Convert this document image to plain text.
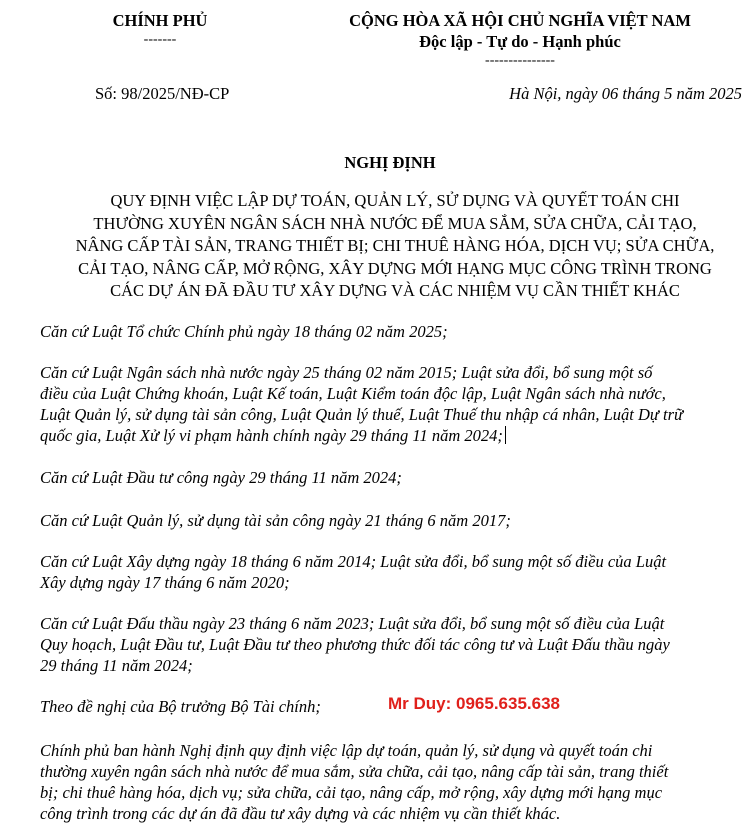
CHÍNH PHỦ
-------
CỘNG HÒA XÃ HỘI CHỦ NGHĨA VIỆT NAM
Độc lập - Tự do - Hạnh phúc
---------------
Số: 98/2025/NĐ-CP	Hà Nội, ngày 06 tháng 5 năm 2025
NGHỊ ĐỊNH
QUY ĐỊNH VIỆC LẬP DỰ TOÁN, QUẢN LÝ, SỬ DỤNG VÀ QUYẾT TOÁN CHI
THƯỜNG XUYÊN NGÂN SÁCH NHÀ NƯỚC ĐỂ MUA SẮM, SỬA CHỮA, CẢI TẠO,
NÂNG CẤP TÀI SẢN, TRANG THIẾT BỊ; CHI THUÊ HÀNG HÓA, DỊCH VỤ; SỬA CHỮA,
CẢI TẠO, NÂNG CẤP, MỞ RỘNG, XÂY DỰNG MỚI HẠNG MỤC CÔNG TRÌNH TRONG
CÁC DỰ ÁN ĐÃ ĐẦU TƯ XÂY DỰNG VÀ CÁC NHIỆM VỤ CẦN THIẾT KHÁC
Căn cứ Luật Tổ chức Chính phủ ngày 18 tháng 02 năm 2025;
Căn cứ Luật Ngân sách nhà nước ngày 25 tháng 02 năm 2015; Luật sửa đổi, bổ sung một số
điều của Luật Chứng khoán, Luật Kế toán, Luật Kiểm toán độc lập, Luật Ngân sách nhà nước,
Luật Quản lý, sử dụng tài sản công, Luật Quản lý thuế, Luật Thuế thu nhập cá nhân, Luật Dự trữ
quốc gia, Luật Xử lý vi phạm hành chính ngày 29 tháng 11 năm 2024;
Căn cứ Luật Đầu tư công ngày 29 tháng 11 năm 2024;
Căn cứ Luật Quản lý, sử dụng tài sản công ngày 21 tháng 6 năm 2017;
Căn cứ Luật Xây dựng ngày 18 tháng 6 năm 2014; Luật sửa đổi, bổ sung một số điều của Luật
Xây dựng ngày 17 tháng 6 năm 2020;
Căn cứ Luật Đấu thầu ngày 23 tháng 6 năm 2023; Luật sửa đổi, bổ sung một số điều của Luật
Quy hoạch, Luật Đầu tư, Luật Đầu tư theo phương thức đối tác công tư và Luật Đấu thầu ngày
29 tháng 11 năm 2024;
Theo đề nghị của Bộ trưởng Bộ Tài chính;	Mr Duy: 0965.635.638
Chính phủ ban hành Nghị định quy định việc lập dự toán, quản lý, sử dụng và quyết toán chi
thường xuyên ngân sách nhà nước để mua sắm, sửa chữa, cải tạo, nâng cấp tài sản, trang thiết
bị; chi thuê hàng hóa, dịch vụ; sửa chữa, cải tạo, nâng cấp, mở rộng, xây dựng mới hạng mục
công trình trong các dự án đã đầu tư xây dựng và các nhiệm vụ cần thiết khác.
